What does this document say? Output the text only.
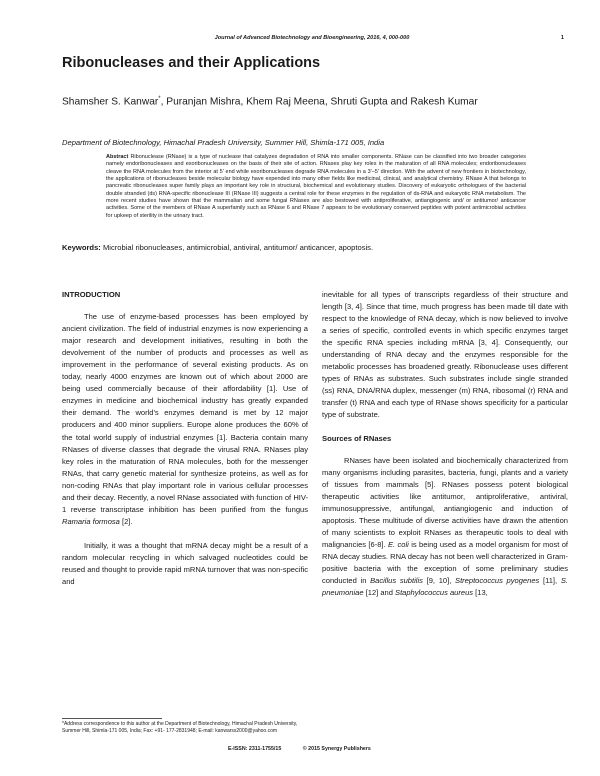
Journal of Advanced Biotechnology and Bioengineering, 2016, 4, 000-000	1
Ribonucleases and their Applications
Shamsher S. Kanwar*, Puranjan Mishra, Khem Raj Meena, Shruti Gupta and Rakesh Kumar
Department of Biotechnology, Himachal Pradesh University, Summer Hill, Shimla-171 005, India
Abstract Ribonuclease (RNase) is a type of nuclease that catalyzes degradation of RNA into smaller components. RNase can be classified into two broader categories namely endoribonucleases and exoribonucleases on the basis of their site of action. RNases play key roles in the maturation of all RNA molecules; endoribonucleases cleave the RNA molecules from the interior at 5' end while exoribonucleases degrade RNA molecules in a 3'–5' direction. With the advent of new frontiers in biotechnology, the applications of ribonucleases beside molecular biology have expended into many other fields like medicinal, clinical, and analytical chemistry. RNase A that belongs to pancreatic ribonucleases super family plays an important key role in structural, biochemical and evolutionary studies. Discovery of eukaryotic orthologues of the bacterial double stranded (ds) RNA-specific ribonuclease III (RNase III) suggests a central role for these enzymes in the regulation of ds-RNA and eukaryotic RNA metabolism. The more recent studies have shown that the mammalian and some fungal RNases are also bestowed with antiproliferative, antiangiogenic and/ or antitumor/ anticancer activities. Some of the members of RNase A superfamily such as RNase 6 and RNase 7 appears to be evolutionary conserved peptides with potent antimicrobial activities for upkeep of sterility in the urinary tract.
Keywords: Microbial ribonucleases, antimicrobial, antiviral, antitumor/ anticancer, apoptosis.
INTRODUCTION

The use of enzyme-based processes has been employed by ancient civilization. The field of industrial enzymes is now experiencing a major research and development initiatives, resulting in both the devolvement of the number of products and processes as well as improvement in the performance of several existing products. As on today, nearly 4000 enzymes are known out of which about 2000 are being used commercially because of their affordability [1]. Use of enzymes in medicine and biochemical industry has greatly expanded their demand. The world's enzymes demand is met by 12 major producers and 400 minor suppliers. Europe alone produces the 60% of the total world supply of industrial enzymes [1]. Bacteria contain many RNases of diverse classes that degrade the virusal RNA. RNases play key roles in the maturation of RNA molecules, both for the messenger RNAs, that carry genetic material for synthesize proteins, as well as for non-coding RNAs that play important role in various cellular processes and their decay. Recently, a novel RNase associated with function of HIV-1 reverse transcriptase inhibition has been purified from the fungus Ramaria formosa [2].

Initially, it was a thought that mRNA decay might be a result of a random molecular recycling in which salvaged nucleotides could be reused and thought to provide rapid mRNA turnover that was non-specific and

inevitable for all types of transcripts regardless of their structure and length [3, 4]. Since that time, much progress has been made till date with respect to the knowledge of RNA decay, which is now believed to involve a series of specific, controlled events in which specific enzymes target the specific RNA species including mRNA [3, 4]. Consequently, our understanding of RNA decay and the enzymes responsible for the metabolic processes has broadened greatly. Ribonuclease uses different types of RNAs as substrates. Such substrates include single stranded (ss) RNA, DNA/RNA duplex, messenger (m) RNA, ribosomal (r) RNA and transfer (t) RNA and each type of RNase shows specificity for a particular type of substrate.

Sources of RNases

RNases have been isolated and biochemically characterized from many organisms including parasites, bacteria, fungi, plants and a variety of tissues from mammals [5]. RNases possess potent biological therapeutic activities like antitumor, antiproliferative, antiviral, immunosuppressive, antifungal, antiangiogenic and induction of apoptosis. These multitude of diverse activities have drawn the attention of many scientists to exploit RNases as therapeutic tools to deal with malignancies [6-8]. E. coli is being used as a model organism for most of RNA decay studies. RNA decay has not been well characterized in Gram-positive bacteria with the exception of some preliminary studies conducted in Bacillus subtilis [9, 10], Streptococcus pyogenes [11], S. pneumoniae [12] and Staphylococcus aureus [13,

*Address correspondence to this author at the Department of Biotechnology, Himachal Pradesh University, Summer Hill, Shimla-171 005, India; Fax: +91- 177-2831948; E-mail: kanwarss2000@yahoo.com
E-ISSN: 2311-1755/15	© 2015 Synergy Publishers
